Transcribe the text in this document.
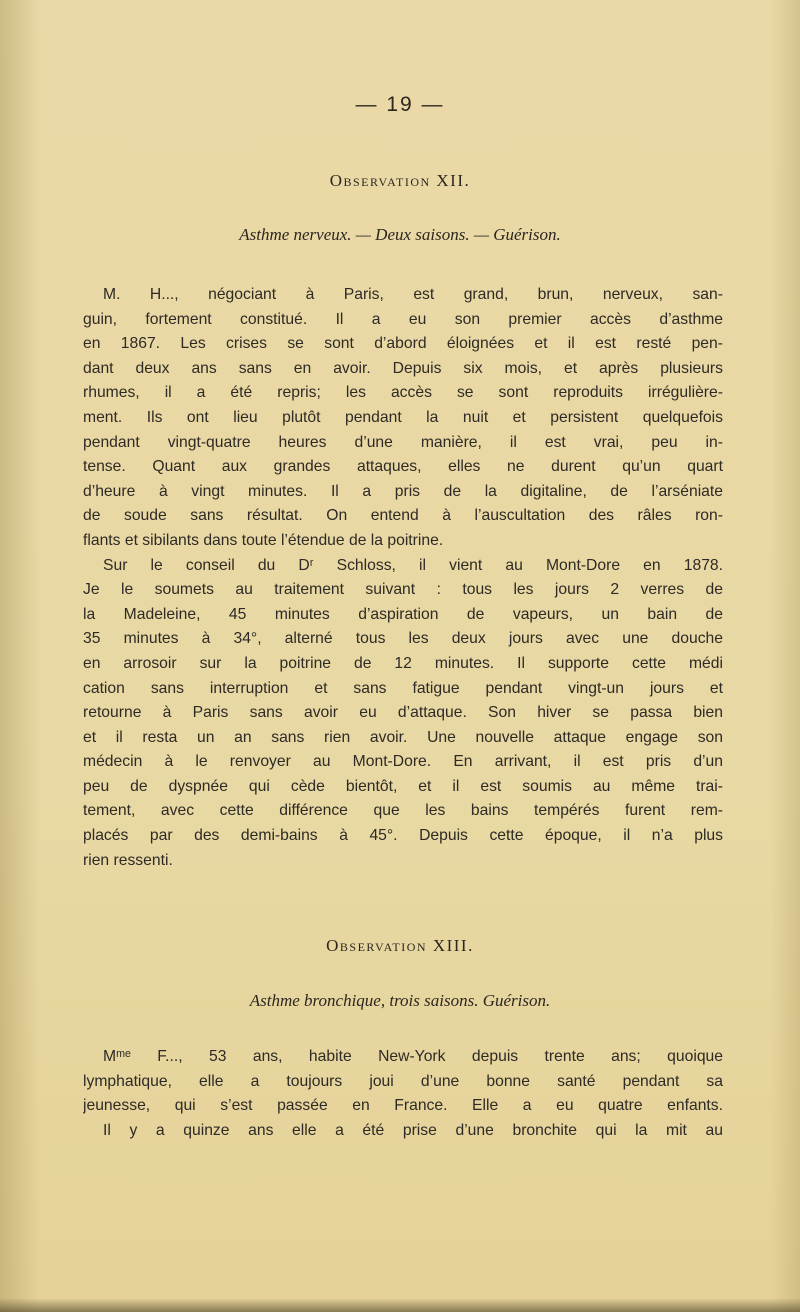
— 19 —
Observation XII.
Asthme nerveux. — Deux saisons. — Guérison.
M. H..., négociant à Paris, est grand, brun, nerveux, san-
guin, fortement constitué. Il a eu son premier accès d’asthme
en 1867. Les crises se sont d’abord éloignées et il est resté pen-
dant deux ans sans en avoir. Depuis six mois, et après plusieurs
rhumes, il a été repris; les accès se sont reproduits irrégulière-
ment. Ils ont lieu plutôt pendant la nuit et persistent quelquefois
pendant vingt-quatre heures d’une manière, il est vrai, peu in-
tense. Quant aux grandes attaques, elles ne durent qu’un quart
d’heure à vingt minutes. Il a pris de la digitaline, de l’arséniate
de soude sans résultat. On entend à l’auscultation des râles ron-
flants et sibilants dans toute l’étendue de la poitrine.
Sur le conseil du Dʳ Schloss, il vient au Mont-Dore en 1878.
Je le soumets au traitement suivant : tous les jours 2 verres de
la Madeleine, 45 minutes d’aspiration de vapeurs, un bain de
35 minutes à 34°, alterné tous les deux jours avec une douche
en arrosoir sur la poitrine de 12 minutes. Il supporte cette médi
cation sans interruption et sans fatigue pendant vingt-un jours et
retourne à Paris sans avoir eu d’attaque. Son hiver se passa bien
et il resta un an sans rien avoir. Une nouvelle attaque engage son
médecin à le renvoyer au Mont-Dore. En arrivant, il est pris d’un
peu de dyspnée qui cède bientôt, et il est soumis au même trai-
tement, avec cette différence que les bains tempérés furent rem-
placés par des demi-bains à 45°. Depuis cette époque, il n’a plus
rien ressenti.
Observation XIII.
Asthme bronchique, trois saisons. Guérison.
Mᵐᵉ F..., 53 ans, habite New-York depuis trente ans; quoique
lymphatique, elle a toujours joui d’une bonne santé pendant sa
jeunesse, qui s’est passée en France. Elle a eu quatre enfants.
Il y a quinze ans elle a été prise d’une bronchite qui la mit au
